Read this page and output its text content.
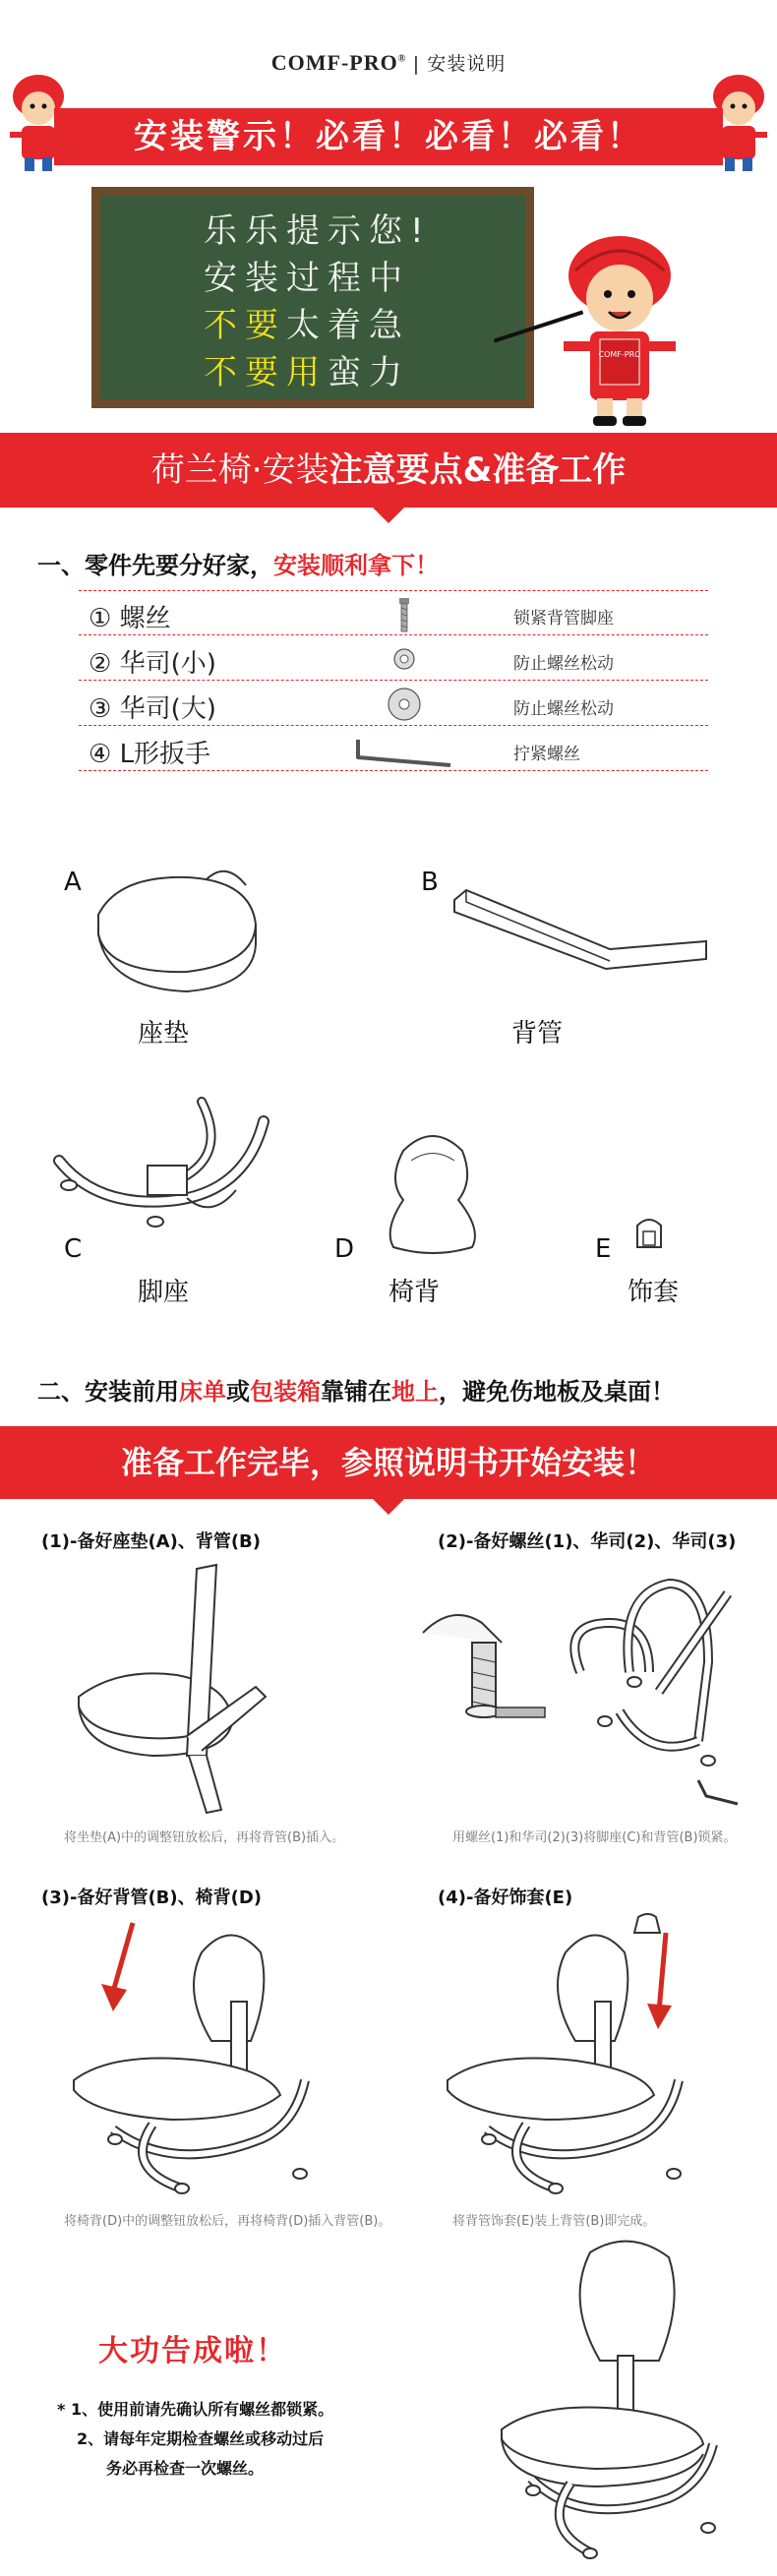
COMF-PRO® | 安装说明
安装警示！必看！必看！必看！
乐乐提示您!
安装过程中
不要太着急
不要用蛮力	COMF-PRO
荷兰椅·安装注意要点&准备工作
一、零件先要分好家，安装顺利拿下！
① 螺丝	锁紧背管脚座
② 华司(小)	防止螺丝松动
③ 华司(大)	防止螺丝松动
④ L形扳手	拧紧螺丝
A
座垫
B
背管
C
脚座
D
椅背
E
饰套
二、安装前用床单或包装箱靠铺在地上，避免伤地板及桌面！
准备工作完毕，参照说明书开始安装！
(1)-备好座垫(A)、背管(B)
将坐垫(A)中的调整钮放松后，再将背管(B)插入。
(2)-备好螺丝(1)、华司(2)、华司(3)
用螺丝(1)和华司(2)(3)将脚座(C)和背管(B)锁紧。
(3)-备好背管(B)、椅背(D)
将椅背(D)中的调整钮放松后，再将椅背(D)插入背管(B)。
(4)-备好饰套(E)
将背管饰套(E)装上背管(B)即完成。
大功告成啦！
* 1、使用前请先确认所有螺丝都锁紧。
2、请每年定期检查螺丝或移动过后
务必再检查一次螺丝。
